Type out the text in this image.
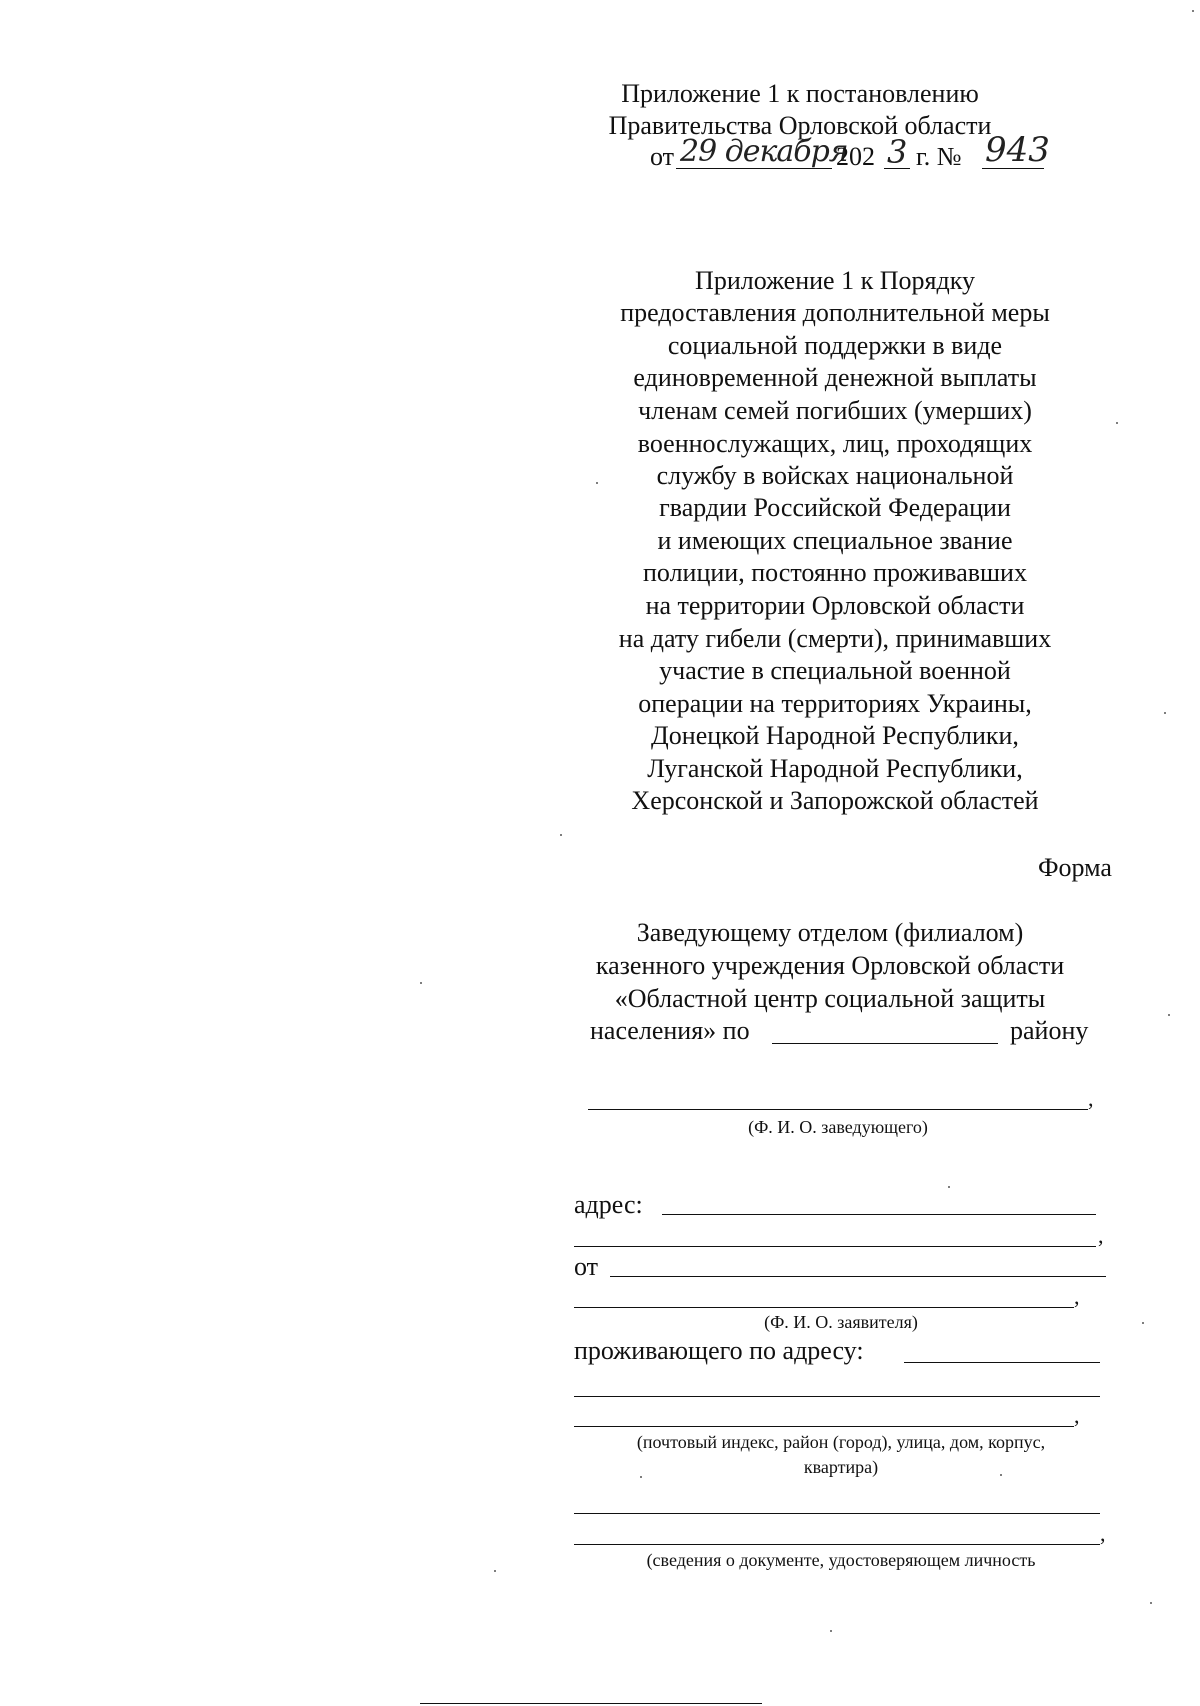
Приложение 1 к постановлению
Правительства Орловской области
от 29 декабря
202 3 г. № 943
Приложение 1 к Порядку
предоставления дополнительной меры
социальной поддержки в виде
единовременной денежной выплаты
членам семей погибших (умерших)
военнослужащих, лиц, проходящих
службу в войсках национальной
гвардии Российской Федерации
и имеющих специальное звание
полиции, постоянно проживавших
на территории Орловской области
на дату гибели (смерти), принимавших
участие в специальной военной
операции на территориях Украины,
Донецкой Народной Республики,
Луганской Народной Республики,
Херсонской и Запорожской областей
Форма
Заведующему отделом (филиалом)
казенного учреждения Орловской области
«Областной центр социальной защиты
населения» по	району
,
(Ф. И. О. заведующего)
адрес:
,
от
,
(Ф. И. О. заявителя)
проживающего по адресу:
,
(почтовый индекс, район (город), улица, дом, корпус,
квартира)
,
(сведения о документе, удостоверяющем личность
